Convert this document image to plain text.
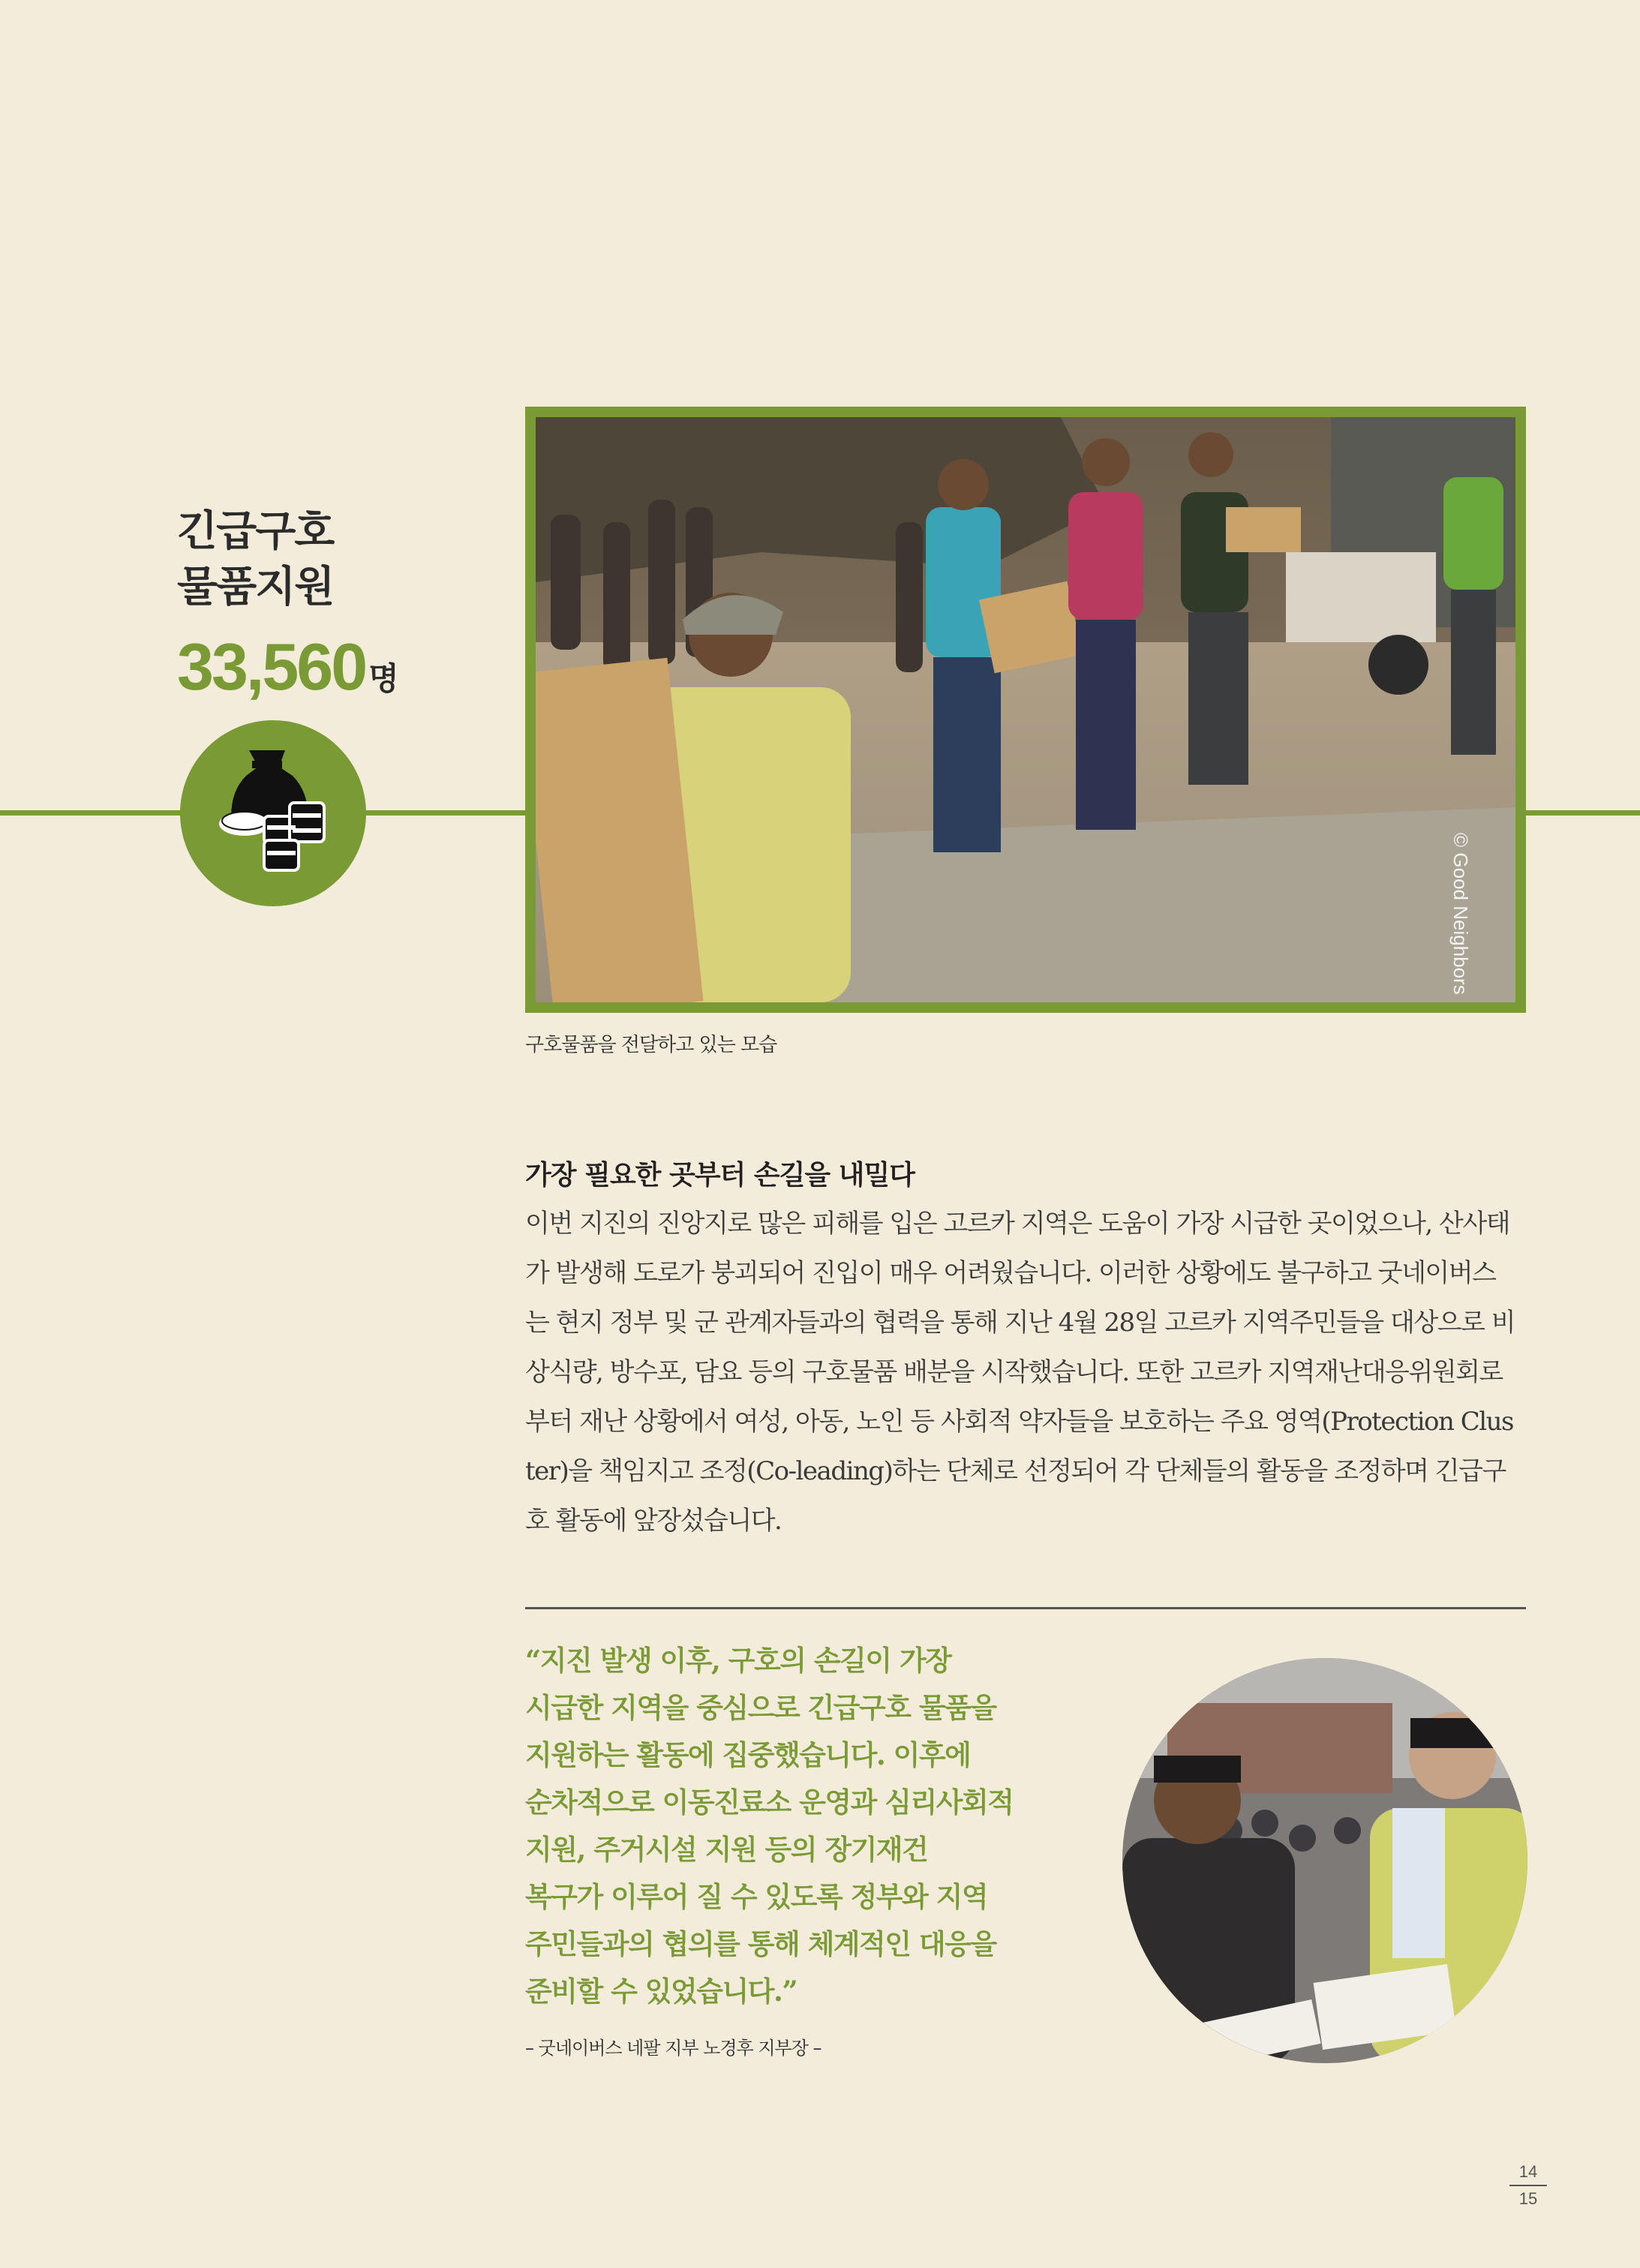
긴급구호
물품지원
33,560명
© Good Neighbors
구호물품을 전달하고 있는 모습
가장 필요한 곳부터 손길을 내밀다
이번 지진의 진앙지로 많은 피해를 입은 고르카 지역은 도움이 가장 시급한 곳이었으나, 산사태
가 발생해 도로가 붕괴되어 진입이 매우 어려웠습니다. 이러한 상황에도 불구하고 굿네이버스
는 현지 정부 및 군 관계자들과의 협력을 통해 지난 4월 28일 고르카 지역주민들을 대상으로 비
상식량, 방수포, 담요 등의 구호물품 배분을 시작했습니다. 또한 고르카 지역재난대응위원회로
부터 재난 상황에서 여성, 아동, 노인 등 사회적 약자들을 보호하는 주요 영역(Protection Clus
ter)을 책임지고 조정(Co-leading)하는 단체로 선정되어 각 단체들의 활동을 조정하며 긴급구
호 활동에 앞장섰습니다.
“지진 발생 이후, 구호의 손길이 가장
시급한 지역을 중심으로 긴급구호 물품을
지원하는 활동에 집중했습니다. 이후에
순차적으로 이동진료소 운영과 심리사회적
지원, 주거시설 지원 등의 장기재건
복구가 이루어 질 수 있도록 정부와 지역
주민들과의 협의를 통해 체계적인 대응을
준비할 수 있었습니다.”
– 굿네이버스 네팔 지부 노경후 지부장 –
14
15
